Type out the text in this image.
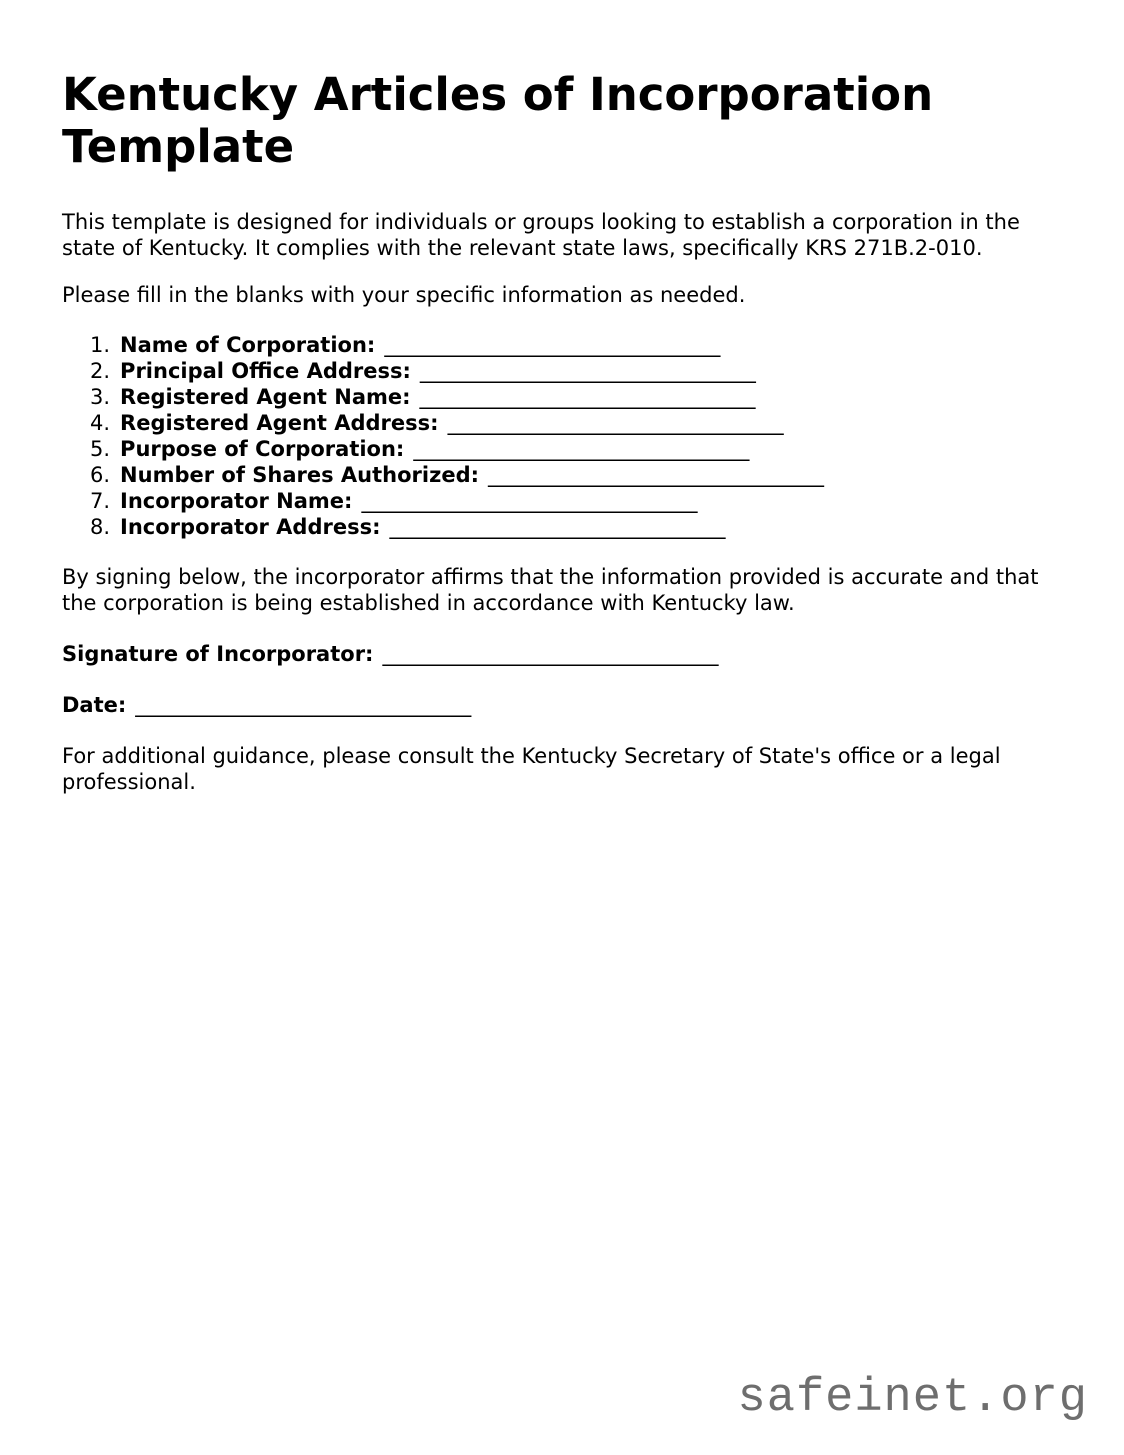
Kentucky Articles of Incorporation Template

This template is designed for individuals or groups looking to establish a corporation in the state of Kentucky. It complies with the relevant state laws, specifically KRS 271B.2-010.

Please fill in the blanks with your specific information as needed.

1. Name of Corporation: ________________________________
2. Principal Office Address: ________________________________
3. Registered Agent Name: ________________________________
4. Registered Agent Address: ________________________________
5. Purpose of Corporation: ________________________________
6. Number of Shares Authorized: ________________________________
7. Incorporator Name: ________________________________
8. Incorporator Address: ________________________________

By signing below, the incorporator affirms that the information provided is accurate and that the corporation is being established in accordance with Kentucky law.

Signature of Incorporator: ________________________________

Date: ________________________________

For additional guidance, please consult the Kentucky Secretary of State's office or a legal professional.

safeinet.org
